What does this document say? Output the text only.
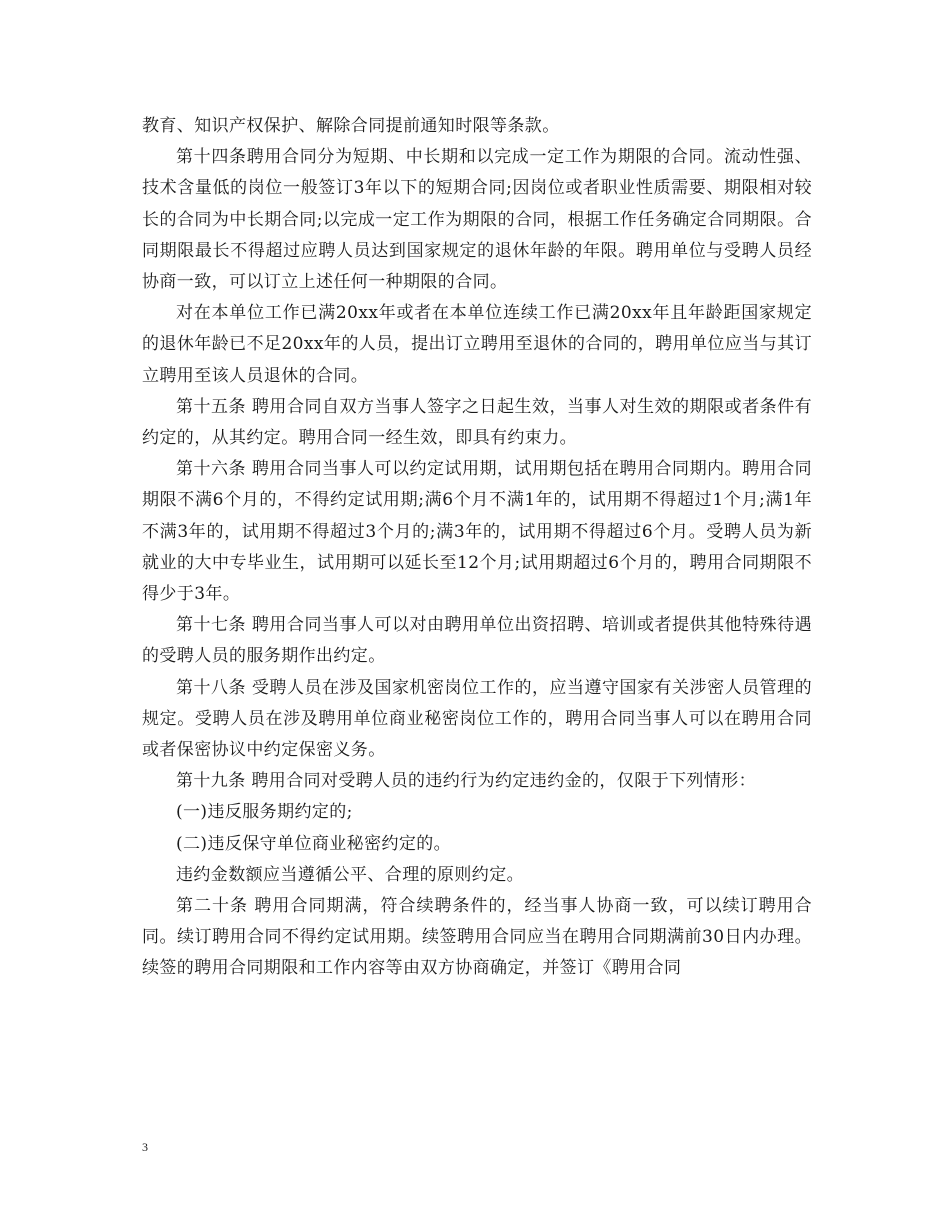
教育、知识产权保护、解除合同提前通知时限等条款。

第十四条聘用合同分为短期、中长期和以完成一定工作为期限的合同。流动性强、技术含量低的岗位一般签订3年以下的短期合同;因岗位或者职业性质需要、期限相对较长的合同为中长期合同;以完成一定工作为期限的合同，根据工作任务确定合同期限。合同期限最长不得超过应聘人员达到国家规定的退休年龄的年限。聘用单位与受聘人员经协商一致，可以订立上述任何一种期限的合同。

对在本单位工作已满20xx年或者在本单位连续工作已满20xx年且年龄距国家规定的退休年龄已不足20xx年的人员，提出订立聘用至退休的合同的，聘用单位应当与其订立聘用至该人员退休的合同。

第十五条 聘用合同自双方当事人签字之日起生效，当事人对生效的期限或者条件有约定的，从其约定。聘用合同一经生效，即具有约束力。

第十六条 聘用合同当事人可以约定试用期，试用期包括在聘用合同期内。聘用合同期限不满6个月的，不得约定试用期;满6个月不满1年的，试用期不得超过1个月;满1年不满3年的，试用期不得超过3个月的;满3年的，试用期不得超过6个月。受聘人员为新就业的大中专毕业生，试用期可以延长至12个月;试用期超过6个月的，聘用合同期限不得少于3年。

第十七条 聘用合同当事人可以对由聘用单位出资招聘、培训或者提供其他特殊待遇的受聘人员的服务期作出约定。

第十八条 受聘人员在涉及国家机密岗位工作的，应当遵守国家有关涉密人员管理的规定。受聘人员在涉及聘用单位商业秘密岗位工作的，聘用合同当事人可以在聘用合同或者保密协议中约定保密义务。

第十九条 聘用合同对受聘人员的违约行为约定违约金的，仅限于下列情形：

(一)违反服务期约定的;

(二)违反保守单位商业秘密约定的。

违约金数额应当遵循公平、合理的原则约定。

第二十条 聘用合同期满，符合续聘条件的，经当事人协商一致，可以续订聘用合同。续订聘用合同不得约定试用期。续签聘用合同应当在聘用合同期满前30日内办理。续签的聘用合同期限和工作内容等由双方协商确定，并签订《聘用合同

3
